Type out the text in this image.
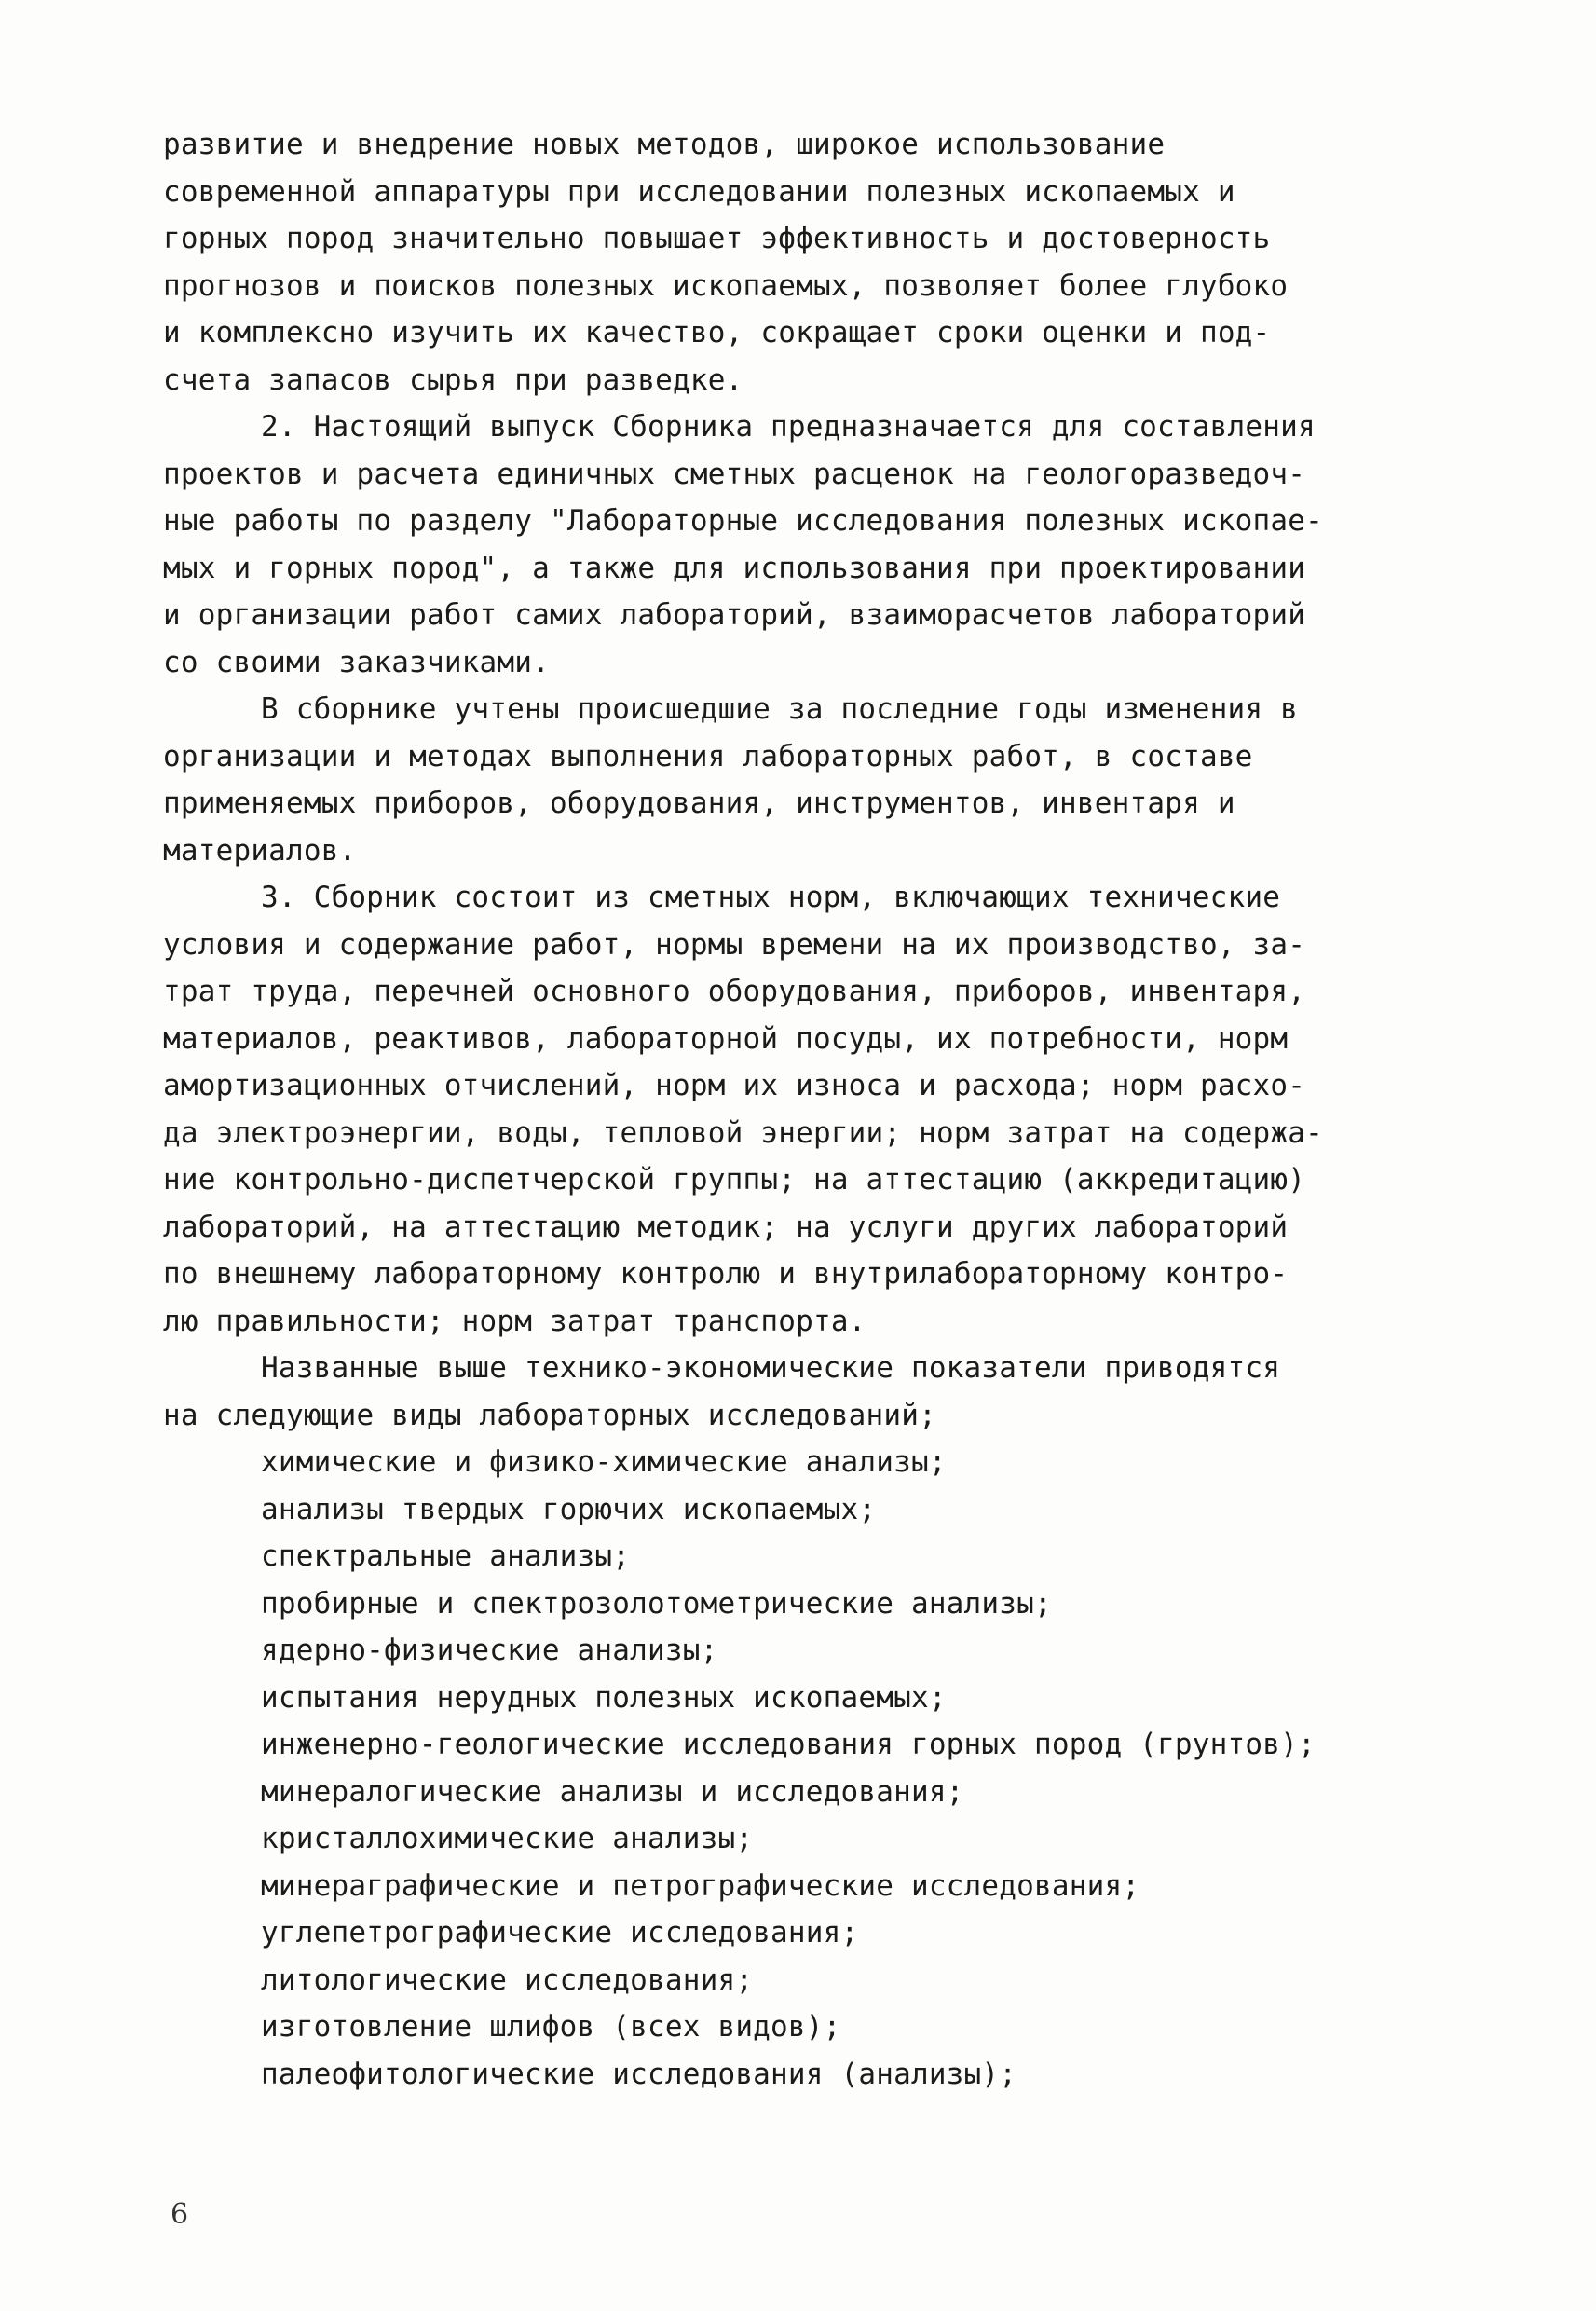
развитие и внедрение новых методов, широкое использование
современной аппаратуры при исследовании полезных ископаемых и
горных пород значительно повышает эффективность и достоверность
прогнозов и поисков полезных ископаемых, позволяет более глубоко
и комплексно изучить их качество, сокращает сроки оценки и под-
счета запасов сырья при разведке.
2. Настоящий выпуск Сборника предназначается для составления
проектов и расчета единичных сметных расценок на геологоразведоч-
ные работы по разделу "Лабораторные исследования полезных ископае-
мых и горных пород", а также для использования при проектировании
и организации работ самих лабораторий, взаиморасчетов лабораторий
со своими заказчиками.
В сборнике учтены происшедшие за последние годы изменения в
организации и методах выполнения лабораторных работ, в составе
применяемых приборов, оборудования, инструментов, инвентаря и
материалов.
3. Сборник состоит из сметных норм, включающих технические
условия и содержание работ, нормы времени на их производство, за-
трат труда, перечней основного оборудования, приборов, инвентаря,
материалов, реактивов, лабораторной посуды, их потребности, норм
амортизационных отчислений, норм их износа и расхода; норм расхо-
да электроэнергии, воды, тепловой энергии; норм затрат на содержа-
ние контрольно-диспетчерской группы; на аттестацию (аккредитацию)
лабораторий, на аттестацию методик; на услуги других лабораторий
по внешнему лабораторному контролю и внутрилабораторному контро-
лю правильности; норм затрат транспорта.
Названные выше технико-экономические показатели приводятся
на следующие виды лабораторных исследований;
химические и физико-химические анализы;
анализы твердых горючих ископаемых;
спектральные анализы;
пробирные и спектрозолотометрические анализы;
ядерно-физические анализы;
испытания нерудных полезных ископаемых;
инженерно-геологические исследования горных пород (грунтов);
минералогические анализы и исследования;
кристаллохимические анализы;
минераграфические и петрографические исследования;
углепетрографические исследования;
литологические исследования;
изготовление шлифов (всех видов);
палеофитологические исследования (анализы);
6
